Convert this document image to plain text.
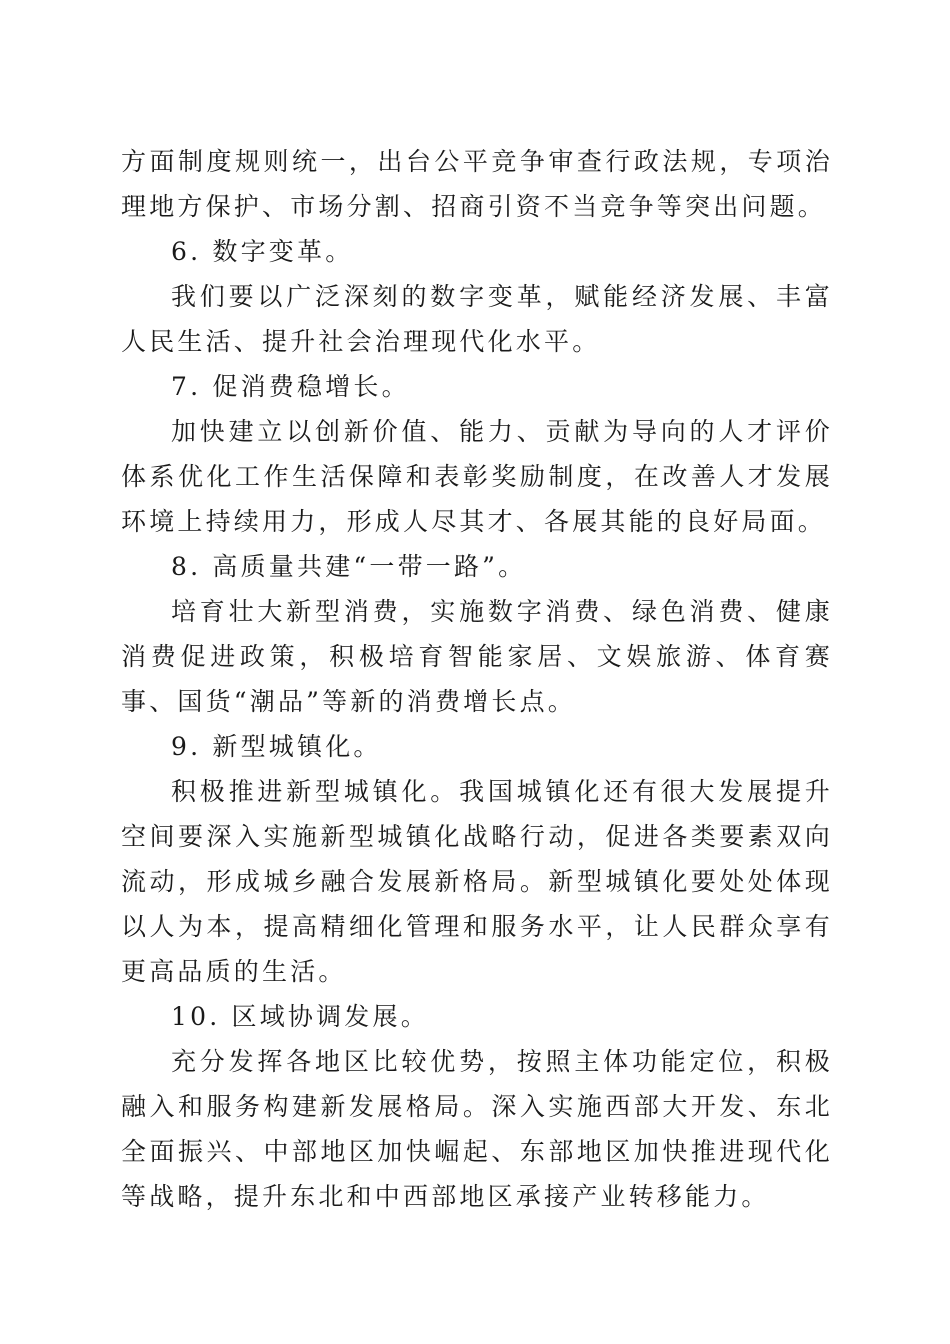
方面制度规则统一，出台公平竞争审查行政法规，专项治理地方保护、市场分割、招商引资不当竞争等突出问题。

6. 数字变革。

我们要以广泛深刻的数字变革，赋能经济发展、丰富人民生活、提升社会治理现代化水平。

7. 促消费稳增长。

加快建立以创新价值、能力、贡献为导向的人才评价体系优化工作生活保障和表彰奖励制度，在改善人才发展环境上持续用力，形成人尽其才、各展其能的良好局面。

8. 高质量共建“一带一路”。

培育壮大新型消费，实施数字消费、绿色消费、健康消费促进政策，积极培育智能家居、文娱旅游、体育赛事、国货“潮品”等新的消费增长点。

9. 新型城镇化。

积极推进新型城镇化。我国城镇化还有很大发展提升空间要深入实施新型城镇化战略行动，促进各类要素双向流动，形成城乡融合发展新格局。新型城镇化要处处体现以人为本，提高精细化管理和服务水平，让人民群众享有更高品质的生活。

10. 区域协调发展。

充分发挥各地区比较优势，按照主体功能定位，积极融入和服务构建新发展格局。深入实施西部大开发、东北全面振兴、中部地区加快崛起、东部地区加快推进现代化等战略，提升东北和中西部地区承接产业转移能力。
